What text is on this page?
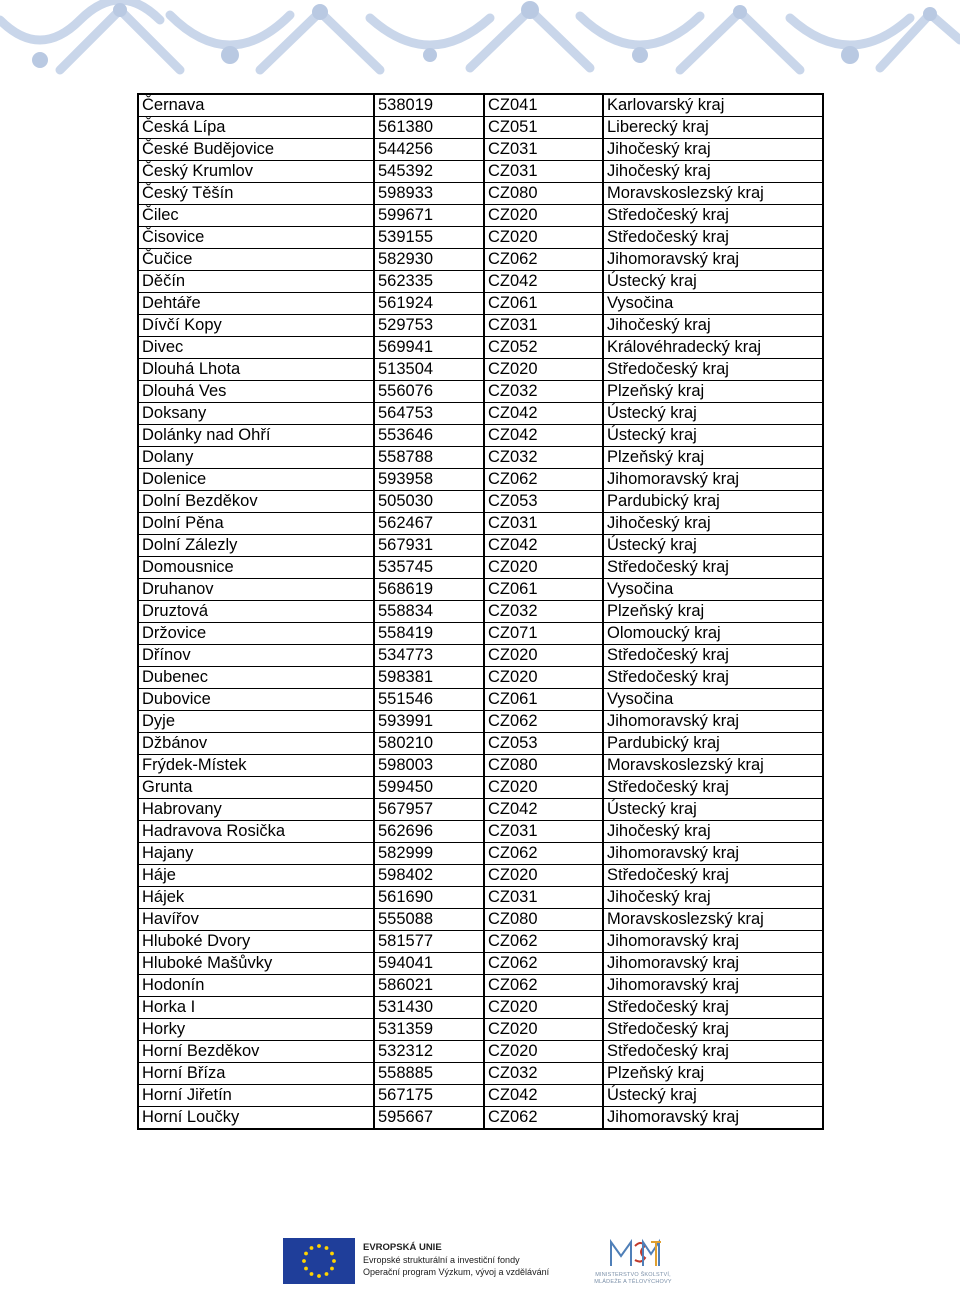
Černava	538019	CZ041	Karlovarský kraj
Česká Lípa	561380	CZ051	Liberecký kraj
České Budějovice	544256	CZ031	Jihočeský kraj
Český Krumlov	545392	CZ031	Jihočeský kraj
Český Těšín	598933	CZ080	Moravskoslezský kraj
Čilec	599671	CZ020	Středočeský kraj
Čisovice	539155	CZ020	Středočeský kraj
Čučice	582930	CZ062	Jihomoravský kraj
Děčín	562335	CZ042	Ústecký kraj
Dehtáře	561924	CZ061	Vysočina
Dívčí Kopy	529753	CZ031	Jihočeský kraj
Divec	569941	CZ052	Královéhradecký kraj
Dlouhá Lhota	513504	CZ020	Středočeský kraj
Dlouhá Ves	556076	CZ032	Plzeňský kraj
Doksany	564753	CZ042	Ústecký kraj
Dolánky nad Ohří	553646	CZ042	Ústecký kraj
Dolany	558788	CZ032	Plzeňský kraj
Dolenice	593958	CZ062	Jihomoravský kraj
Dolní Bezděkov	505030	CZ053	Pardubický kraj
Dolní Pěna	562467	CZ031	Jihočeský kraj
Dolní Zálezly	567931	CZ042	Ústecký kraj
Domousnice	535745	CZ020	Středočeský kraj
Druhanov	568619	CZ061	Vysočina
Druztová	558834	CZ032	Plzeňský kraj
Držovice	558419	CZ071	Olomoucký kraj
Dřínov	534773	CZ020	Středočeský kraj
Dubenec	598381	CZ020	Středočeský kraj
Dubovice	551546	CZ061	Vysočina
Dyje	593991	CZ062	Jihomoravský kraj
Džbánov	580210	CZ053	Pardubický kraj
Frýdek-Místek	598003	CZ080	Moravskoslezský kraj
Grunta	599450	CZ020	Středočeský kraj
Habrovany	567957	CZ042	Ústecký kraj
Hadravova Rosička	562696	CZ031	Jihočeský kraj
Hajany	582999	CZ062	Jihomoravský kraj
Háje	598402	CZ020	Středočeský kraj
Hájek	561690	CZ031	Jihočeský kraj
Havířov	555088	CZ080	Moravskoslezský kraj
Hluboké Dvory	581577	CZ062	Jihomoravský kraj
Hluboké Mašůvky	594041	CZ062	Jihomoravský kraj
Hodonín	586021	CZ062	Jihomoravský kraj
Horka I	531430	CZ020	Středočeský kraj
Horky	531359	CZ020	Středočeský kraj
Horní Bezděkov	532312	CZ020	Středočeský kraj
Horní Bříza	558885	CZ032	Plzeňský kraj
Horní Jiřetín	567175	CZ042	Ústecký kraj
Horní Loučky	595667	CZ062	Jihomoravský kraj
EVROPSKÁ UNIE
Evropské strukturální a investiční fondy
Operační program Výzkum, vývoj a vzdělávání	MINISTERSTVO ŠKOLSTVÍ,
MLÁDEŽE A TĚLOVÝCHOVY
